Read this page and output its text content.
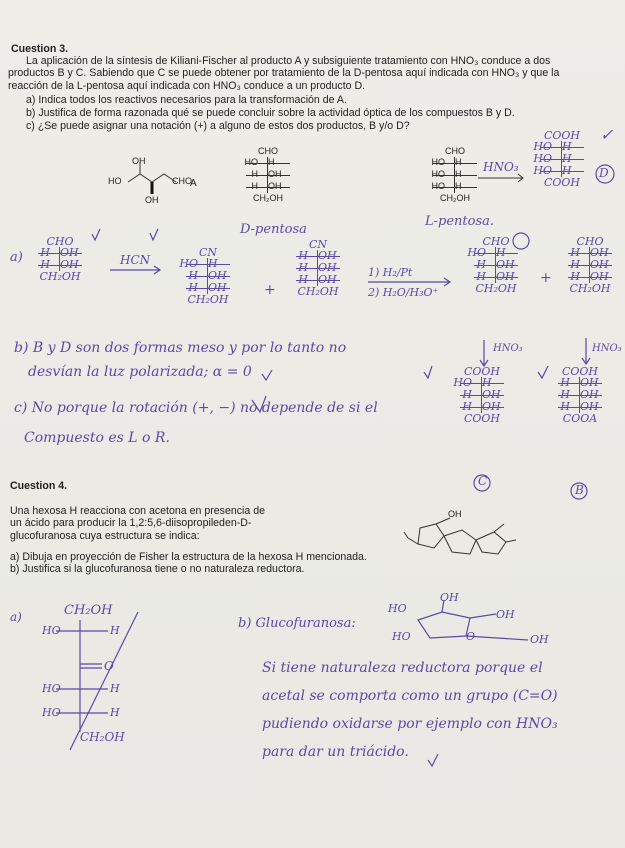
Cuestion 3.
La aplicación de la síntesis de Kiliani-Fischer al producto A y subsiguiente tratamiento con HNO₃ conduce a dos
productos B y C. Sabiendo que C se puede obtener por tratamiento de la D-pentosa aquí indicada con HNO₃ y que la
reacción de la L-pentosa aquí indicada con HNO₃ conduce a un producto D.
a) Indica todos los reactivos necesarios para la transformación de A.
b) Justifica de forma razonada qué se puede concluir sobre la actividad óptica de los compuestos B y D.
c) ¿Se puede asignar una notación (+) a alguno de estos dos productos, B y/o D?
OH
HO	CHO
OH
A
CHO
HO H
H OH
H OH
CH₂OH
CHO
HO H
HO H
HO H
CH₂OH
D-pentosa
L-pentosa.
HNO₃
COOH
HO H
HO H
HO H
COOH
D
✓
a)
CHO
H OH
H OH
CH₂OH
HCN
CN
HO H
H OH
H OH
CH₂OH
+
CN
H OH
H OH
H OH
CH₂OH
1) H₂/Pt
2) H₂O/H₃O⁺
CHO
HO H
H OH
H OH
CH₂OH
+
CHO
H OH
H OH
H OH
CH₂OH
b) B y D son dos formas meso y por lo tanto no
desvían la luz polarizada; α = 0
c) No porque la rotación (+, −) no depende de si el
Compuesto es L o R.
HNO₃	HNO₃
COOH
HO H
H OH
H OH
COOH
C
COOH
H OH
H OH
H OH
COOA
B
Cuestion 4.
Una hexosa H reacciona con acetona en presencia de
un ácido para producir la 1,2:5,6-diisopropileden-D-
glucofuranosa cuya estructura se indica:
a) Dibuja en proyección de Fisher la estructura de la hexosa H mencionada.
b) Justifica si la glucofuranosa tiene o no naturaleza reductora.
OH
a)	CH₂OH
HO	H
O
HO	H
HO	H
CH₂OH
b) Glucofuranosa:
OH
HO	OH
HO	O	OH
Si tiene naturaleza reductora porque el
acetal se comporta como un grupo (C=O)
pudiendo oxidarse por ejemplo con HNO₃
para dar un triácido.
